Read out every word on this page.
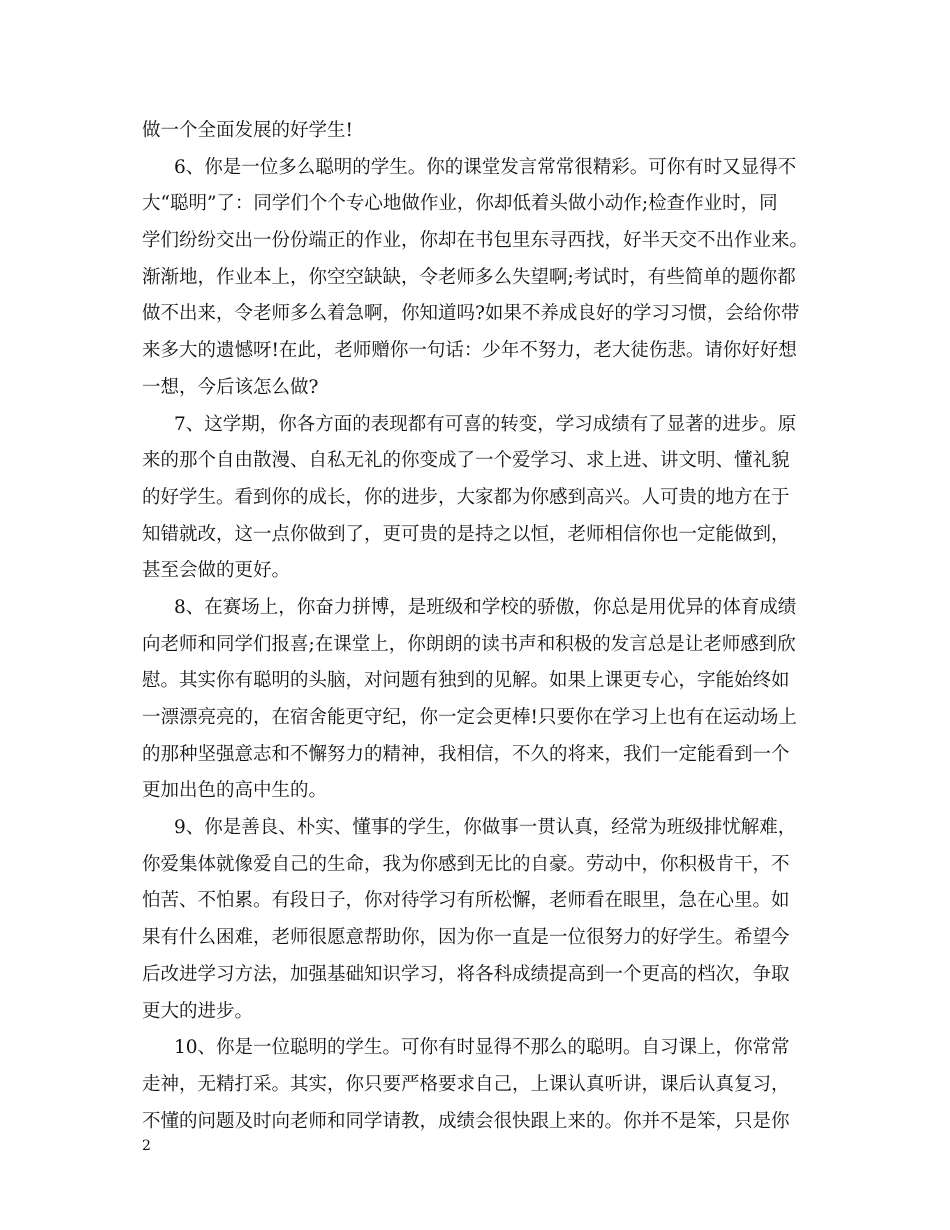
做一个全面发展的好学生!
6、你是一位多么聪明的学生。你的课堂发言常常很精彩。可你有时又显得不
大“聪明”了：同学们个个专心地做作业，你却低着头做小动作;检查作业时，同
学们纷纷交出一份份端正的作业，你却在书包里东寻西找，好半天交不出作业来。
渐渐地，作业本上，你空空缺缺，令老师多么失望啊;考试时，有些简单的题你都
做不出来，令老师多么着急啊，你知道吗?如果不养成良好的学习习惯，会给你带
来多大的遗憾呀!在此，老师赠你一句话：少年不努力，老大徒伤悲。请你好好想
一想，今后该怎么做?
7、这学期，你各方面的表现都有可喜的转变，学习成绩有了显著的进步。原
来的那个自由散漫、自私无礼的你变成了一个爱学习、求上进、讲文明、懂礼貌
的好学生。看到你的成长，你的进步，大家都为你感到高兴。人可贵的地方在于
知错就改，这一点你做到了，更可贵的是持之以恒，老师相信你也一定能做到，
甚至会做的更好。
8、在赛场上，你奋力拼博，是班级和学校的骄傲，你总是用优异的体育成绩
向老师和同学们报喜;在课堂上，你朗朗的读书声和积极的发言总是让老师感到欣
慰。其实你有聪明的头脑，对问题有独到的见解。如果上课更专心，字能始终如
一漂漂亮亮的，在宿舍能更守纪，你一定会更棒!只要你在学习上也有在运动场上
的那种坚强意志和不懈努力的精神，我相信，不久的将来，我们一定能看到一个
更加出色的高中生的。
9、你是善良、朴实、懂事的学生，你做事一贯认真，经常为班级排忧解难，
你爱集体就像爱自己的生命，我为你感到无比的自豪。劳动中，你积极肯干，不
怕苦、不怕累。有段日子，你对待学习有所松懈，老师看在眼里，急在心里。如
果有什么困难，老师很愿意帮助你，因为你一直是一位很努力的好学生。希望今
后改进学习方法，加强基础知识学习，将各科成绩提高到一个更高的档次，争取
更大的进步。
10、你是一位聪明的学生。可你有时显得不那么的聪明。自习课上，你常常
走神，无精打采。其实，你只要严格要求自己，上课认真听讲，课后认真复习，
不懂的问题及时向老师和同学请教，成绩会很快跟上来的。你并不是笨，只是你
2
